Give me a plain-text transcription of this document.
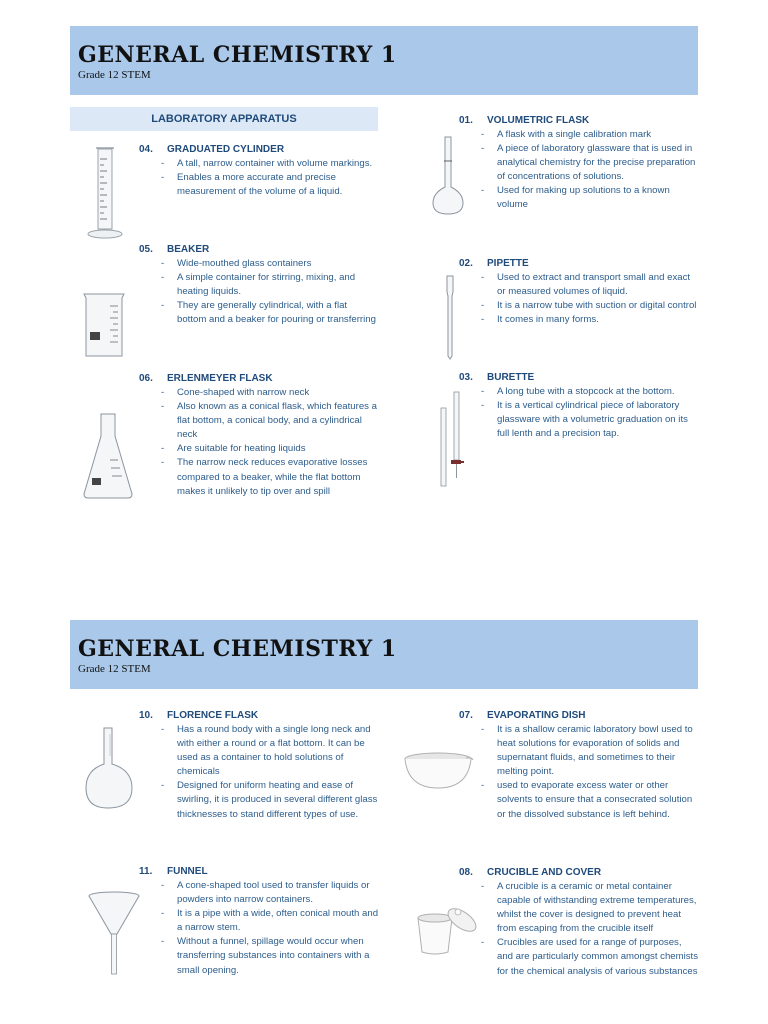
GENERAL CHEMISTRY 1
Grade 12 STEM
LABORATORY APPARATUS
04.	GRADUATED CYLINDER
- A tall, narrow container with volume markings.
- Enables a more accurate and precise measurement of the volume of a liquid.
05.	BEAKER
- Wide-mouthed glass containers
- A simple container for stirring, mixing, and heating liquids.
- They are generally cylindrical, with a flat bottom and a beaker for pouring or transferring
06.	ERLENMEYER FLASK
- Cone-shaped with narrow neck
- Also known as a conical flask, which features a flat bottom, a conical body, and a cylindrical neck
- Are suitable for heating liquids
- The narrow neck reduces evaporative losses compared to a beaker, while the flat bottom makes it unlikely to tip over and spill
01.	VOLUMETRIC FLASK
- A flask with a single calibration mark
- A piece of laboratory glassware that is used in analytical chemistry for the precise preparation of concentrations of solutions.
- Used for making up solutions to a known volume
02.	PIPETTE
- Used to extract and transport small and exact or measured volumes of liquid.
- It is a narrow tube with suction or digital control
- It comes in many forms.
03.	BURETTE
- A long tube with a stopcock at the bottom.
- It is a vertical cylindrical piece of laboratory glassware with a volumetric graduation on its full lenth and a precision tap.
GENERAL CHEMISTRY 1
Grade 12 STEM
10.	FLORENCE FLASK
- Has a round body with a single long neck and with either a round or a flat bottom. It can be used as a container to hold solutions of chemicals
- Designed for uniform heating and ease of swirling, it is produced in several different glass thicknesses to stand different types of use.
11.	FUNNEL
- A cone-shaped tool used to transfer liquids or powders into narrow containers.
- It is a pipe with a wide, often conical mouth and a narrow stem.
- Without a funnel, spillage would occur when transferring substances into containers with a small opening.
07.	EVAPORATING DISH
- It is a shallow ceramic laboratory bowl used to heat solutions for evaporation of solids and supernatant fluids, and sometimes to their melting point.
- used to evaporate excess water or other solvents to ensure that a consecrated solution or the dissolved substance is left behind.
08.	CRUCIBLE AND COVER
- A crucible is a ceramic or metal container capable of withstanding extreme temperatures, whilst the cover is designed to prevent heat from escaping from the crucible itself
- Crucibles are used for a range of purposes, and are particularly common amongst chemists for the chemical analysis of various substances
